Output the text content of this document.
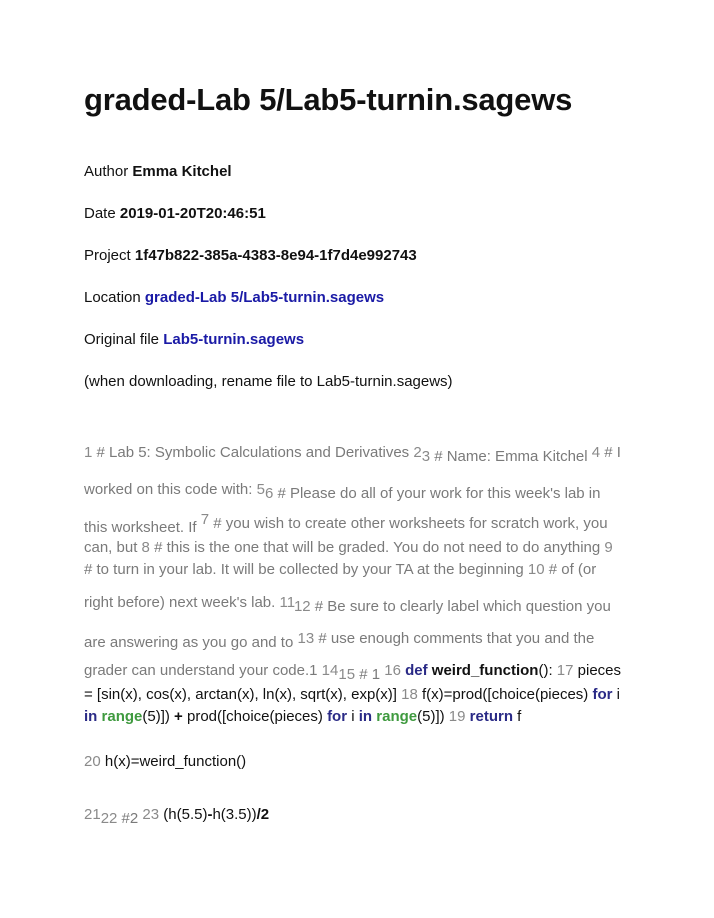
graded-Lab 5/Lab5-turnin.sagews
Author Emma Kitchel
Date 2019-01-20T20:46:51
Project 1f47b822-385a-4383-8e94-1f7d4e992743
Location graded-Lab 5/Lab5-turnin.sagews
Original file Lab5-turnin.sagews
(when downloading, rename file to Lab5-turnin.sagews)
1 # Lab 5: Symbolic Calculations and Derivatives 23 # Name: Emma Kitchel 4 # I
worked on this code with: 56 # Please do all of your work for this week's lab in
this worksheet. If 7 # you wish to create other worksheets for scratch work, you
can, but 8 # this is the one that will be graded. You do not need to do anything 9
# to turn in your lab. It will be collected by your TA at the beginning 10 # of (or
right before) next week's lab. 1112 # Be sure to clearly label which question you
are answering as you go and to 13 # use enough comments that you and the
grader can understand your code.1 1415 # 1 16 def weird_function(): 17 pieces
= [sin(x), cos(x), arctan(x), ln(x), sqrt(x), exp(x)] 18 f(x)=prod([choice(pieces) for i
in range(5)]) + prod([choice(pieces) for i in range(5)]) 19 return f
20 h(x)=weird_function()
2122 #2 23 (h(5.5)-h(3.5))/2
